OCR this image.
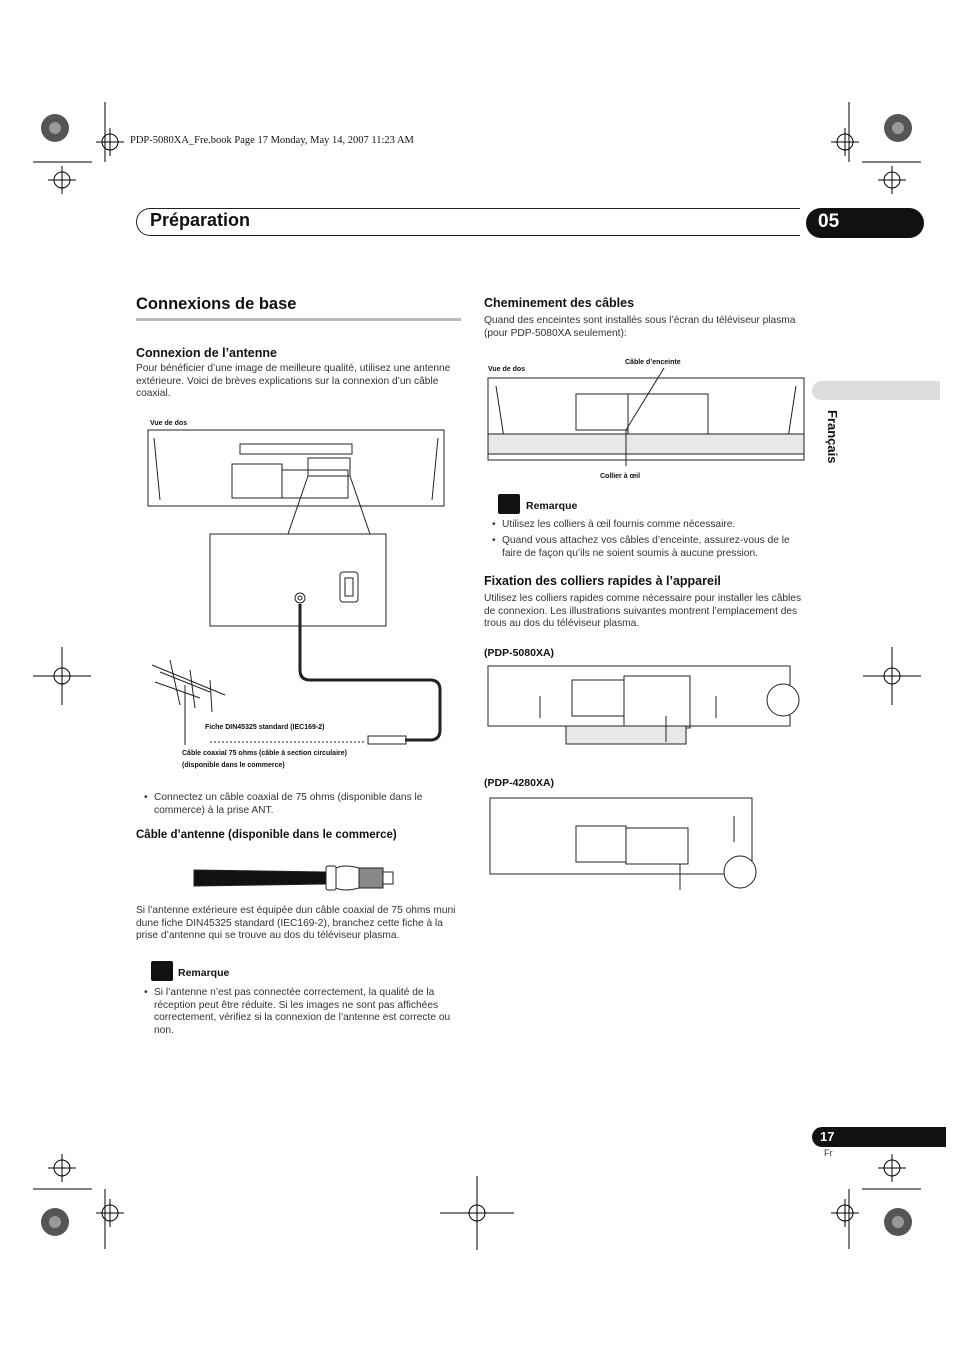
PDP-5080XA_Fre.book Page 17 Monday, May 14, 2007 11:23 AM
Préparation	05
Français
Connexions de base
Connexion de l’antenne
Pour bénéficier d’une image de meilleure qualité, utilisez une antenne extérieure. Voici de brèves explications sur la connexion d’un câble coaxial.
Vue de dos
Fiche DIN45325 standard (IEC169-2)
Câble coaxial 75 ohms (câble à section circulaire)
(disponible dans le commerce)
• Connectez un câble coaxial de 75 ohms (disponible dans le commerce) à la prise ANT.
Câble d’antenne (disponible dans le commerce)
Si l’antenne extérieure est équipée dun câble coaxial de 75 ohms muni dune fiche DIN45325 standard (IEC169-2), branchez cette fiche à la prise d’antenne qui se trouve au dos du téléviseur plasma.
Remarque
• Si l’antenne n’est pas connectée correctement, la qualité de la réception peut être réduite. Si les images ne sont pas affichées correctement, vérifiez si la connexion de l’antenne est correcte ou non.
Cheminement des câbles
Quand des enceintes sont installés sous l’écran du téléviseur plasma (pour PDP-5080XA seulement):
Câble d’enceinte
Vue de dos
Collier à œil
Remarque
• Utilisez les colliers à œil fournis comme nécessaire.
• Quand vous attachez vos câbles d’enceinte, assurez-vous de le faire de façon qu’ils ne soient soumis à aucune pression.
Fixation des colliers rapides à l’appareil
Utilisez les colliers rapides comme nécessaire pour installer les câbles de connexion. Les illustrations suivantes montrent l’emplacement des trous au dos du téléviseur plasma.
(PDP-5080XA)
(PDP-4280XA)
17
Fr
